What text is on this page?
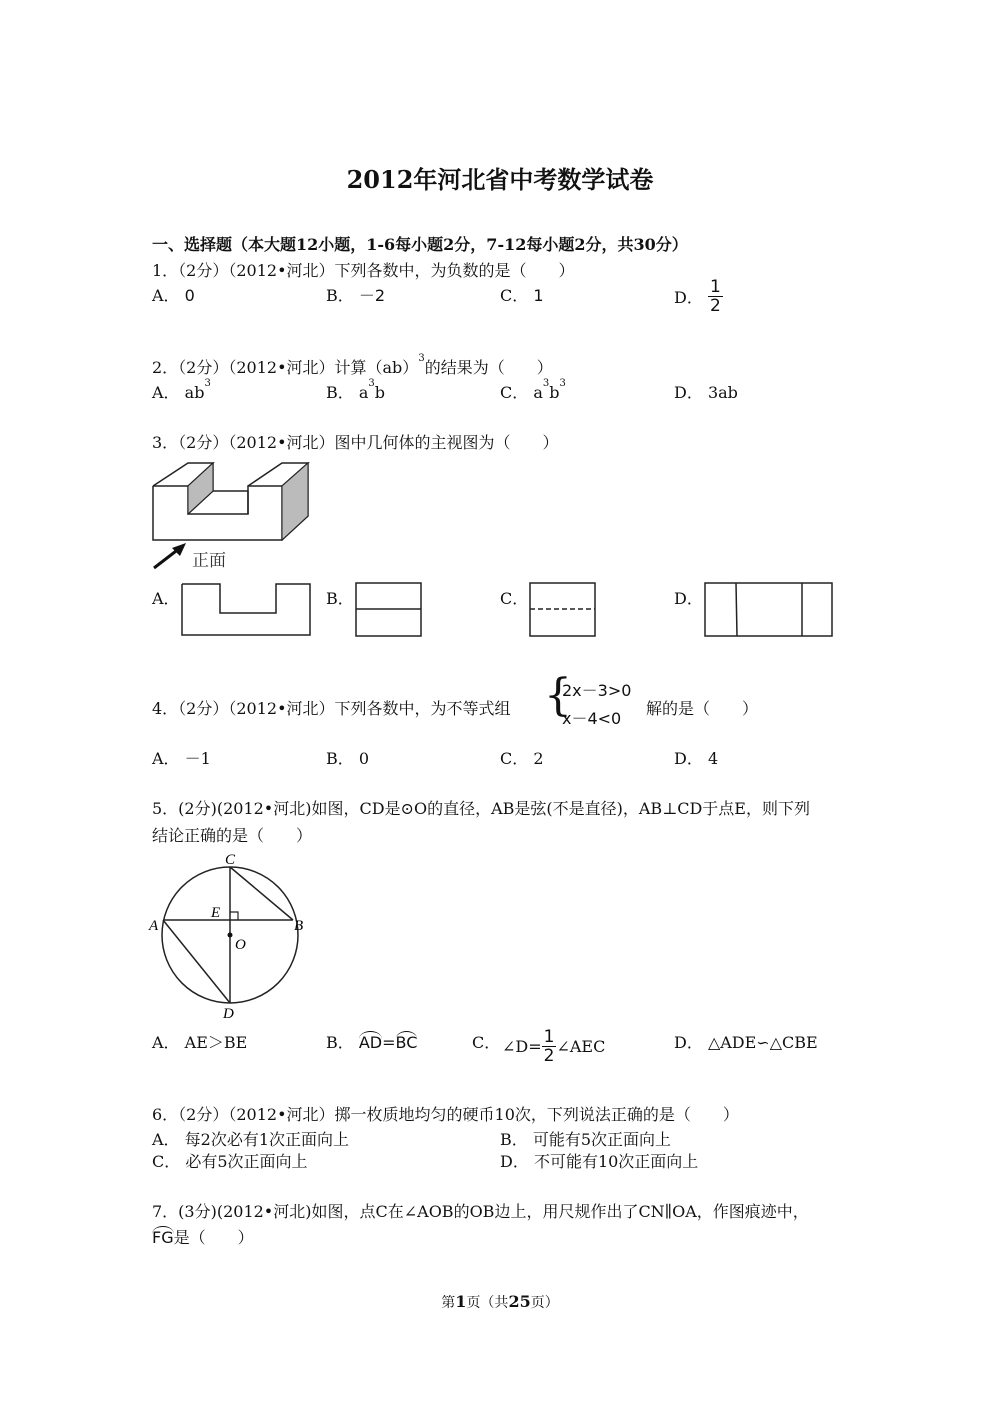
2012年河北省中考数学试卷
一、选择题（本大题12小题，1-6每小题2分，7-12每小题2分，共30分）
1．（2分）（2012•河北）下列各数中，为负数的是（　　）
A． 0	B． －2	C． 1	D． $\frac{1}{2}$
2．（2分）（2012•河北）计算（ab）$^3$的结果为（　　）
A． $ab^3$	B． $a^3b$	C． $a^3b^3$	D． 3ab
3．（2分）（2012•河北）图中几何体的主视图为（　　）
正面
A．	B．	C．	D．
4．（2分）（2012•河北）下列各数中，为不等式组 {
2x－3>0
x－4<0
解的是（　　）
A． －1	B． 0	C． 2	D． 4
5．(2分)(2012•河北)如图，CD是⊙O的直径，AB是弦(不是直径)，AB⊥CD于点E，则下列
结论正确的是（　　）
C
A	B
E
O
D
A． AE＞BE	B． AD=BC	C． ∠D= $\frac{1}{2}$ ∠AEC	D． △ADE∽△CBE
6．（2分）（2012•河北）掷一枚质地均匀的硬币10次，下列说法正确的是（　　）
A． 每2次必有1次正面向上	B． 可能有5次正面向上
C． 必有5次正面向上	D． 不可能有10次正面向上
7．(3分)(2012•河北)如图，点C在∠AOB的OB边上，用尺规作出了CN∥OA，作图痕迹中，
FG是（　　）
第1页（共25页）
